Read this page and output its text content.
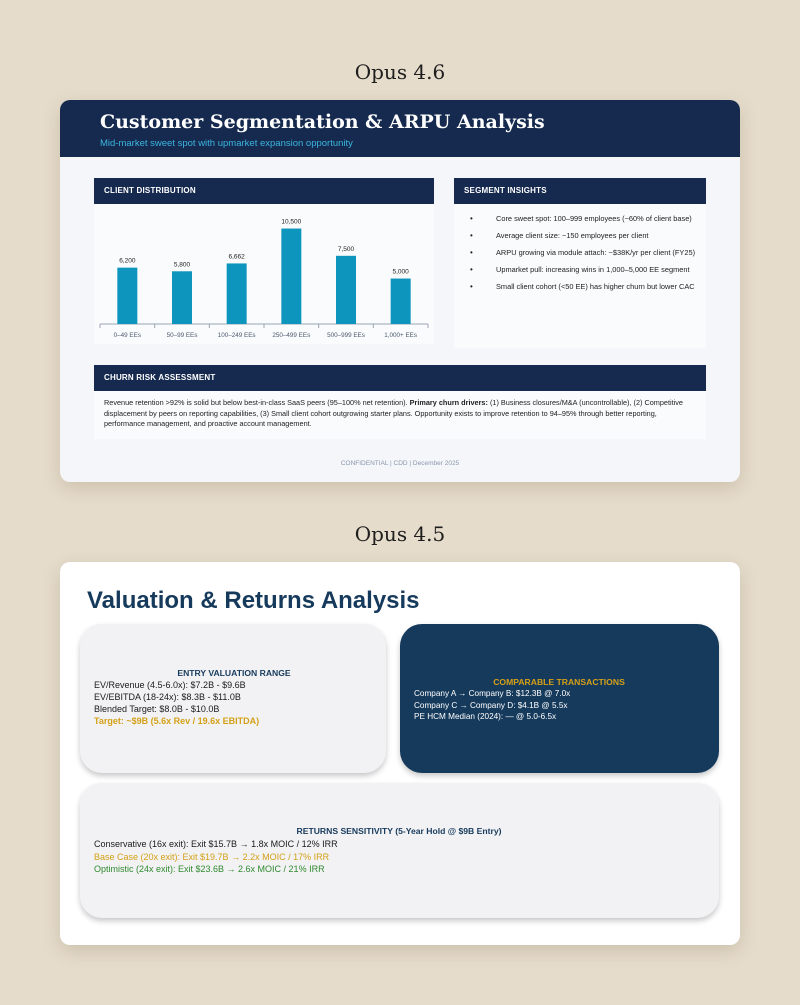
Opus 4.6
Customer Segmentation & ARPU Analysis
Mid-market sweet spot with upmarket expansion opportunity
CLIENT DISTRIBUTION
6,200
0–49 EEs
5,800
50–99 EEs
6,662
100–249 EEs
10,500
250–499 EEs
7,500
500–999 EEs
5,000
1,000+ EEs
SEGMENT INSIGHTS
• Core sweet spot: 100–999 employees (~60% of client base)
• Average client size: ~150 employees per client
• ARPU growing via module attach: ~$38K/yr per client (FY25)
• Upmarket pull: increasing wins in 1,000–5,000 EE segment
• Small client cohort (<50 EE) has higher churn but lower CAC
CHURN RISK ASSESSMENT

Revenue retention >92% is solid but below best-in-class SaaS peers (95–100% net retention). Primary churn drivers: (1) Business closures/M&A (uncontrollable), (2) Competitive displacement by peers on reporting capabilities, (3) Small client cohort outgrowing starter plans. Opportunity exists to improve retention to 94–95% through better reporting, performance management, and proactive account management.

CONFIDENTIAL | CDD | December 2025
Opus 4.5
Valuation & Returns Analysis
ENTRY VALUATION RANGE
EV/Revenue (4.5-6.0x): $7.2B - $9.6B
EV/EBITDA (18-24x): $8.3B - $11.0B
Blended Target: $8.0B - $10.0B
Target: ~$9B (5.6x Rev / 19.6x EBITDA)
COMPARABLE TRANSACTIONS
Company A → Company B: $12.3B @ 7.0x
Company C → Company D: $4.1B @ 5.5x
PE HCM Median (2024): — @ 5.0-6.5x
RETURNS SENSITIVITY (5-Year Hold @ $9B Entry)
Conservative (16x exit): Exit $15.7B → 1.8x MOIC / 12% IRR
Base Case (20x exit): Exit $19.7B → 2.2x MOIC / 17% IRR
Optimistic (24x exit): Exit $23.6B → 2.6x MOIC / 21% IRR
